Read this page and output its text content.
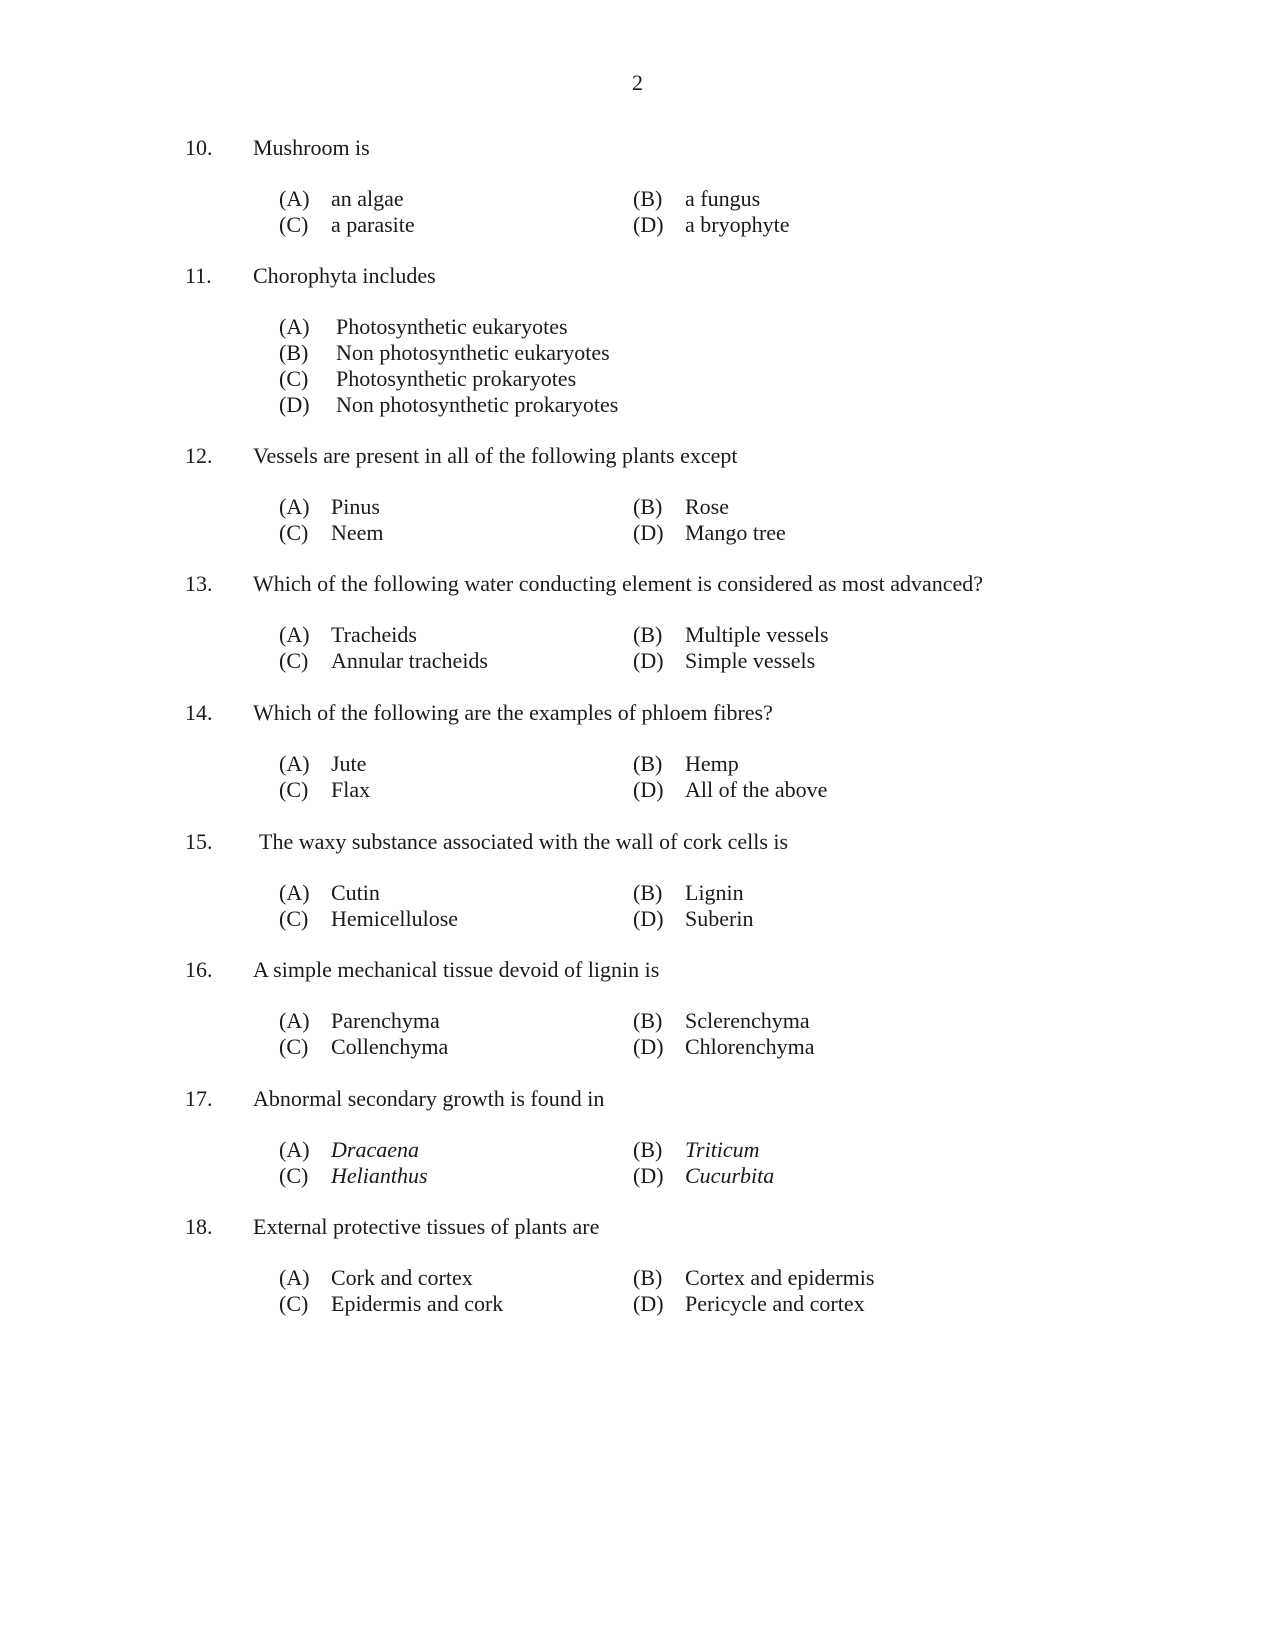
2
10. Mushroom is
(A) an algae	(B) a fungus
(C) a parasite	(D) a bryophyte
11. Chorophyta includes
(A) Photosynthetic eukaryotes
(B) Non photosynthetic eukaryotes
(C) Photosynthetic prokaryotes
(D) Non photosynthetic prokaryotes
12. Vessels are present in all of the following plants except
(A) Pinus	(B) Rose
(C) Neem	(D) Mango tree
13. Which of the following water conducting element is considered as most advanced?
(A) Tracheids	(B) Multiple vessels
(C) Annular tracheids	(D) Simple vessels
14. Which of the following are the examples of phloem fibres?
(A) Jute	(B) Hemp
(C) Flax	(D) All of the above
15. The waxy substance associated with the wall of cork cells is
(A) Cutin	(B) Lignin
(C) Hemicellulose	(D) Suberin
16. A simple mechanical tissue devoid of lignin is
(A) Parenchyma	(B) Sclerenchyma
(C) Collenchyma	(D) Chlorenchyma
17. Abnormal secondary growth is found in
(A) Dracaena	(B) Triticum
(C) Helianthus	(D) Cucurbita
18. External protective tissues of plants are
(A) Cork and cortex	(B) Cortex and epidermis
(C) Epidermis and cork	(D) Pericycle and cortex
